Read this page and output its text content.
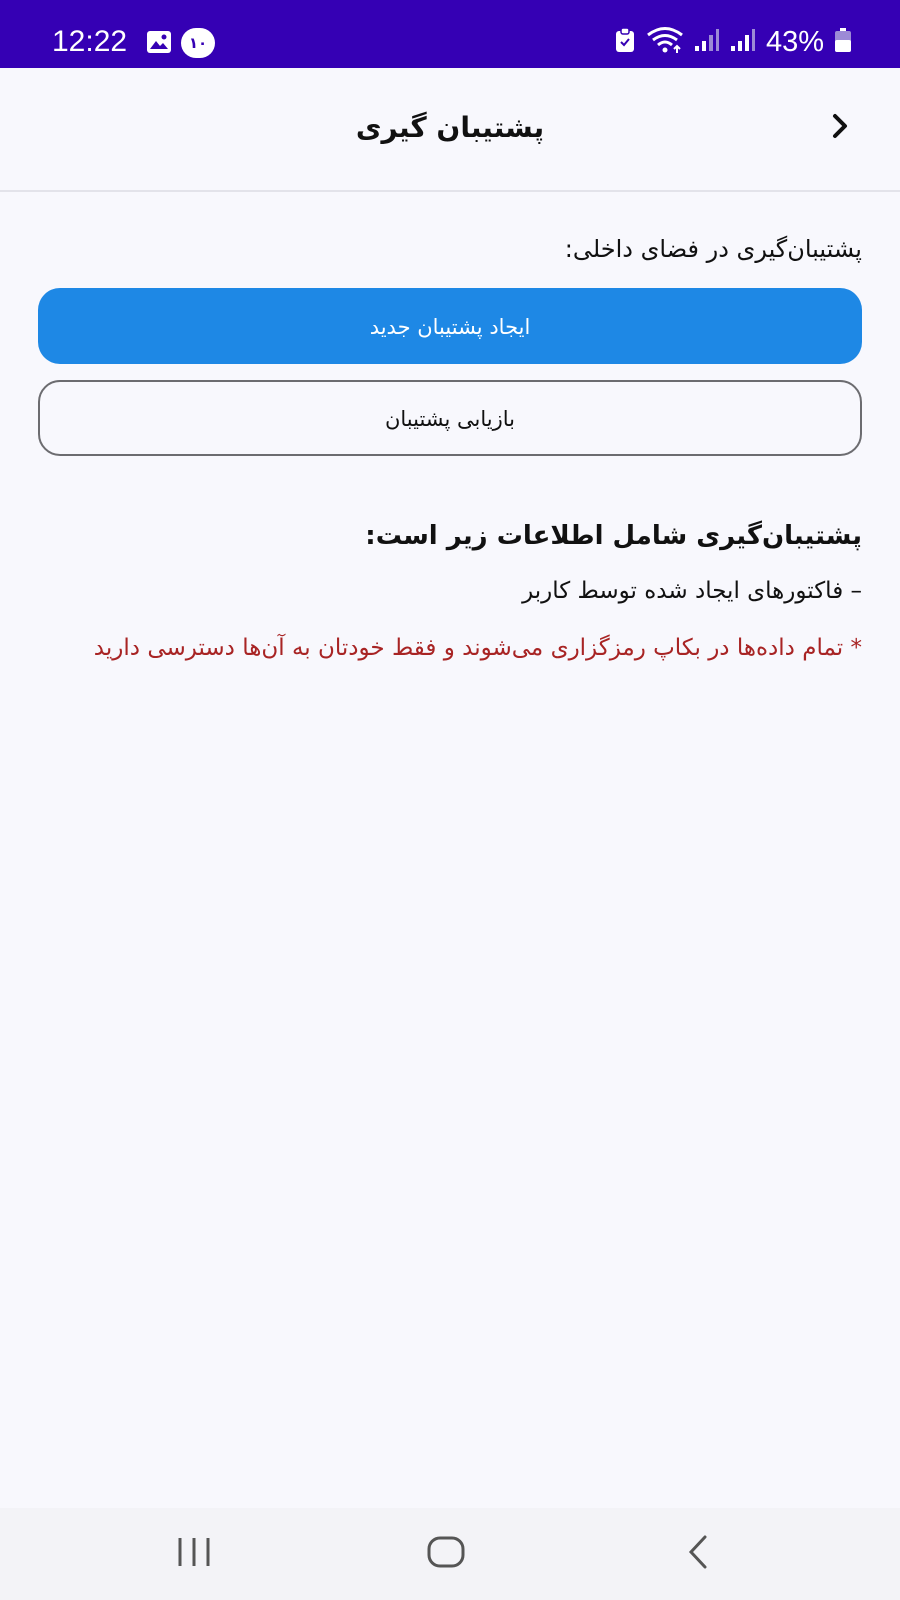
12:22	۱۰	43%
پشتیبان گیری
پشتیبان‌گیری در فضای داخلی:
ایجاد پشتیبان جدید بازیابی پشتیبان
پشتیبان‌گیری شامل اطلاعات زیر است:
– فاکتورهای ایجاد شده توسط کاربر
* تمام داده‌ها در بکاپ رمزگزاری می‌شوند و فقط خودتان به آن‌ها دسترسی دارید
